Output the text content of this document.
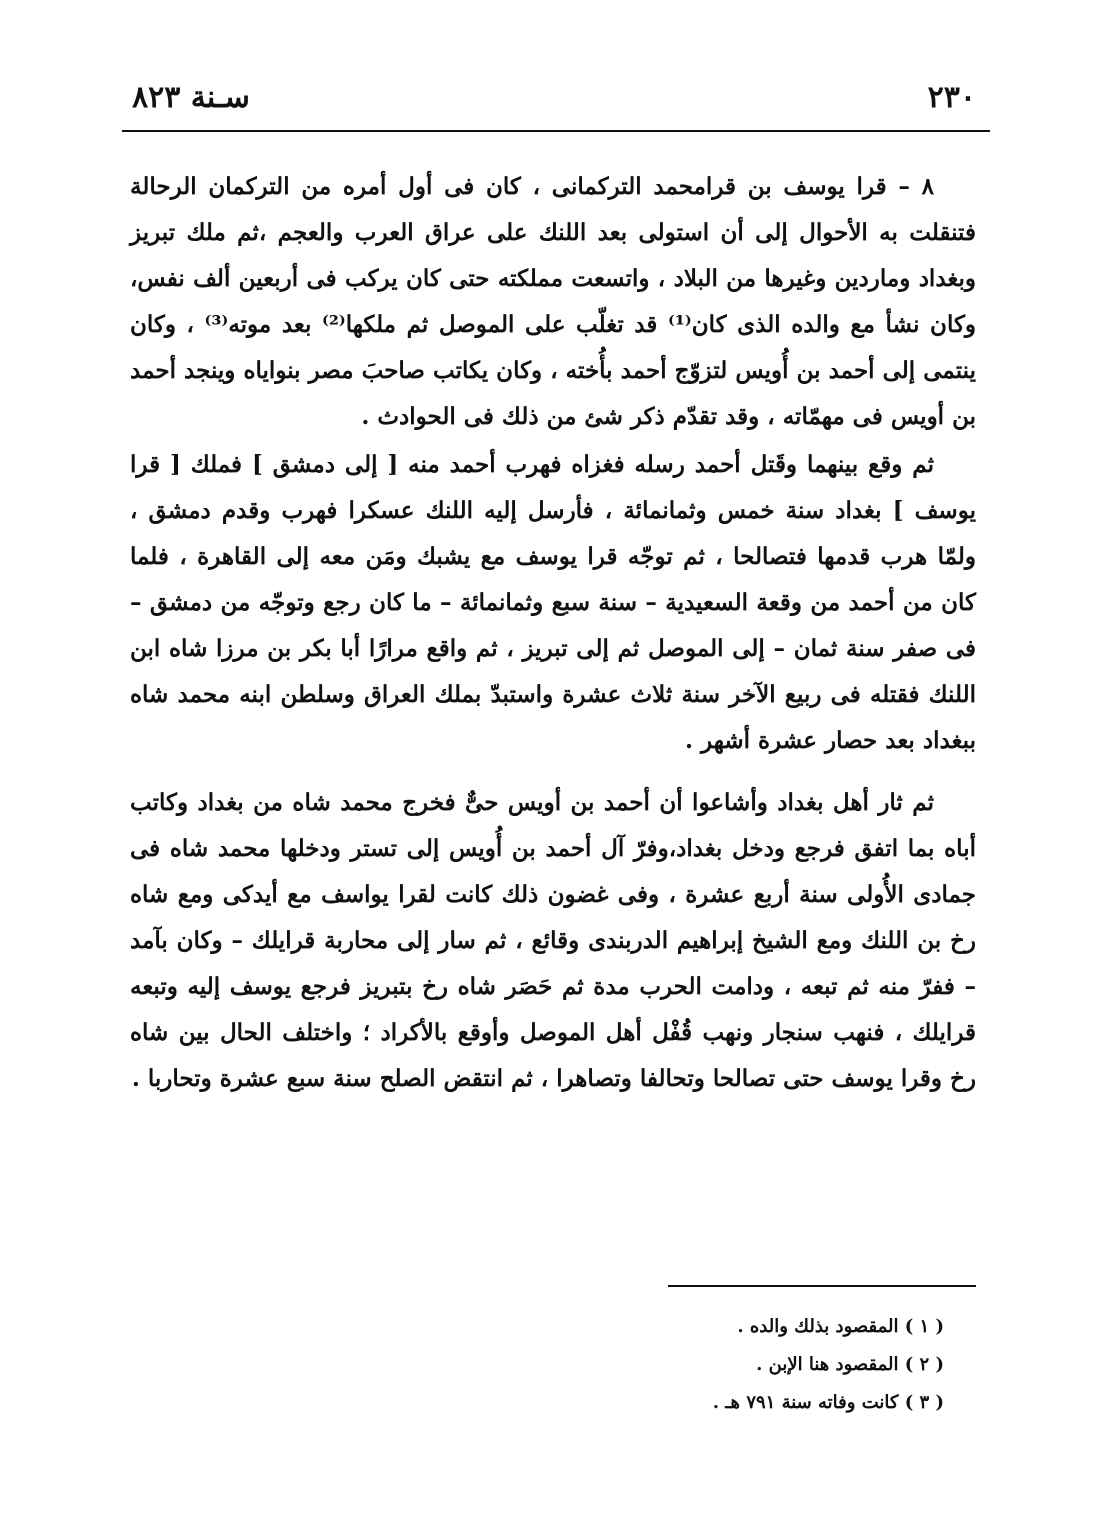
٢٣٠
سـنة ٨٢٣

٨ – قرا يوسف بن قرامحمد التركمانى ، كان فى أول أمره من التركمان الرحالة فتنقلت به الأحوال إلى أن استولى بعد اللنك على عراق العرب والعجم ،ثم ملك تبريز وبغداد وماردين وغيرها من البلاد ، واتسعت مملكته حتى كان يركب فى أربعين ألف نفس، وكان نشأ مع والده الذى كان⁽¹⁾ قد تغلّب على الموصل ثم ملكها⁽²⁾ بعد موته⁽³⁾ ، وكان ينتمى إلى أحمد بن أُويس لتزوّج أحمد بأُخته ، وكان يكاتب صاحبَ مصر بنواياه وينجد أحمد بن أويس فى مهمّاته ، وقد تقدّم ذكر شئ من ذلك فى الحوادث .

ثم وقع بينهما وقَتل أحمد رسله فغزاه فهرب أحمد منه [ إلى دمشق ] فملك [ قرا يوسف ] بغداد سنة خمس وثمانمائة ، فأرسل إليه اللنك عسكرا فهرب وقدم دمشق ، ولمّا هرب قدمها فتصالحا ، ثم توجّه قرا يوسف مع يشبك ومَن معه إلى القاهرة ، فلما كان من أحمد من وقعة السعيدية – سنة سبع وثمانمائة – ما كان رجع وتوجّه من دمشق – فى صفر سنة ثمان – إلى الموصل ثم إلى تبريز ، ثم واقع مرارًا أبا بكر بن مرزا شاه ابن اللنك فقتله فى ربيع الآخر سنة ثلاث عشرة واستبدّ بملك العراق وسلطن ابنه محمد شاه ببغداد بعد حصار عشرة أشهر .

ثم ثار أهل بغداد وأشاعوا أن أحمد بن أويس حىٌّ فخرج محمد شاه من بغداد وكاتب أباه بما اتفق فرجع ودخل بغداد،وفرّ آل أحمد بن أُويس إلى تستر ودخلها محمد شاه فى جمادى الأُولى سنة أربع عشرة ، وفى غضون ذلك كانت لقرا يواسف مع أيدكى ومع شاه رخ بن اللنك ومع الشيخ إبراهيم الدربندى وقائع ، ثم سار إلى محاربة قرايلك – وكان بآمد – ففرّ منه ثم تبعه ، ودامت الحرب مدة ثم حَصَر شاه رخ بتبريز فرجع يوسف إليه وتبعه قرايلك ، فنهب سنجار ونهب قُفْل أهل الموصل وأوقع بالأكراد ؛ واختلف الحال بين شاه رخ وقرا يوسف حتى تصالحا وتحالفا وتصاهرا ، ثم انتقض الصلح سنة سبع عشرة وتحاربا .

( ١ ) المقصود بذلك والده .
( ٢ ) المقصود هنا الإبن .
( ٣ ) كانت وفاته سنة ٧٩١ هـ .
